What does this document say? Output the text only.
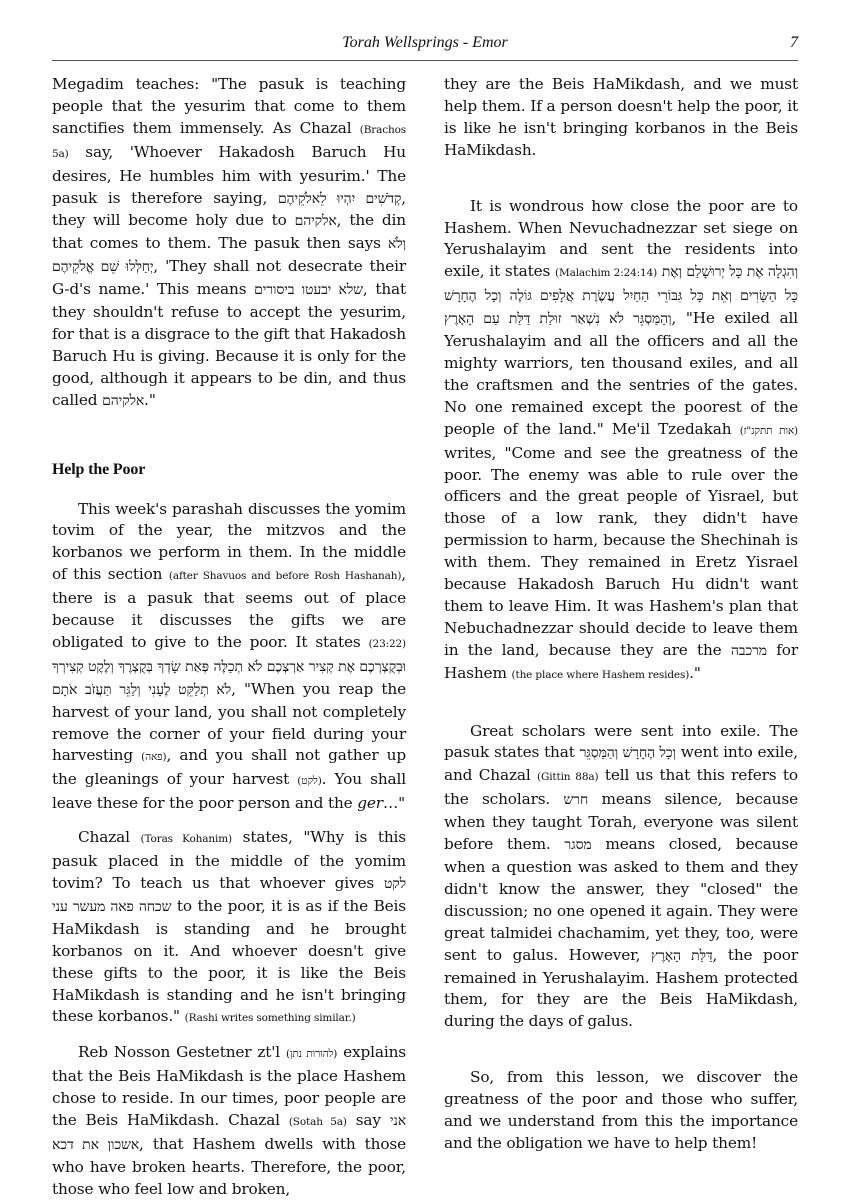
Torah Wellsprings - Emor	7

Megadim teaches: "The pasuk is teaching people that the yesurim that come to them sanctifies them immensely. As Chazal (Brachos 5a) say, 'Whoever Hakadosh Baruch Hu desires, He humbles him with yesurim.' The pasuk is therefore saying, קְדֹשִׁים יִהְיוּ לֵאלֹקֵיהֶם, they will become holy due to אלקיהם, the din that comes to them. The pasuk then says וְלֹא יְחַלְּלוּ שֵׁם אֱלֹקֵיהֶם, 'They shall not desecrate their G-d's name.' This means שלא יבעטו ביסורים, that they shouldn't refuse to accept the yesurim, for that is a disgrace to the gift that Hakadosh Baruch Hu is giving. Because it is only for the good, although it appears to be din, and thus called אלקיהם."

Help the Poor

This week's parashah discusses the yomim tovim of the year, the mitzvos and the korbanos we perform in them. In the middle of this section (after Shavuos and before Rosh Hashanah), there is a pasuk that seems out of place because it discusses the gifts we are obligated to give to the poor. It states (23:22) וּבְקֻצְרְכֶם אֶת קְצִיר אַרְצְכֶם לֹא תְכַלֶּה פְּאַת שָׂדְךָ בְּקֻצְרֶךָ וְלֶקֶט קְצִירְךָ לֹא תְלַקֵּט לֶעָנִי וְלַגֵּר תַּעֲזֹב אֹתָם, "When you reap the harvest of your land, you shall not completely remove the corner of your field during your harvesting (פאה), and you shall not gather up the gleanings of your harvest (לקט). You shall leave these for the poor person and the ger…"

Chazal (Toras Kohanim) states, "Why is this pasuk placed in the middle of the yomim tovim? To teach us that whoever gives לקט שכחה פאה מעשר עני to the poor, it is as if the Beis HaMikdash is standing and he brought korbanos on it. And whoever doesn't give these gifts to the poor, it is like the Beis HaMikdash is standing and he isn't bringing these korbanos." (Rashi writes something similar.)

Reb Nosson Gestetner zt'l (להורות נתן) explains that the Beis HaMikdash is the place Hashem chose to reside. In our times, poor people are the Beis HaMikdash. Chazal (Sotah 5a) say אני אשכון את דכא, that Hashem dwells with those who have broken hearts. Therefore, the poor, those who feel low and broken,

they are the Beis HaMikdash, and we must help them. If a person doesn't help the poor, it is like he isn't bringing korbanos in the Beis HaMikdash.

It is wondrous how close the poor are to Hashem. When Nevuchadnezzar set siege on Yerushalayim and sent the residents into exile, it states (Malachim 2:24:14) וְהִגְלָה אֶת כָּל יְרוּשָׁלַם וְאֶת כָּל הַשָּׂרִים וְאֵת כָּל גִּבּוֹרֵי הַחַיִל עֲשֶׂרֶת אֲלָפִים גּוֹלֶה וְכָל הֶחָרָשׁ וְהַמַּסְגֵּר לֹא נִשְׁאַר זוּלַת דַּלַּת עַם הָאָרֶץ, "He exiled all Yerushalayim and all the officers and all the mighty warriors, ten thousand exiles, and all the craftsmen and the sentries of the gates. No one remained except the poorest of the people of the land." Me'il Tzedakah (אות תתקנ"ז) writes, "Come and see the greatness of the poor. The enemy was able to rule over the officers and the great people of Yisrael, but those of a low rank, they didn't have permission to harm, because the Shechinah is with them. They remained in Eretz Yisrael because Hakadosh Baruch Hu didn't want them to leave Him. It was Hashem's plan that Nebuchadnezzar should decide to leave them in the land, because they are the מרכבה for Hashem (the place where Hashem resides)."

Great scholars were sent into exile. The pasuk states that וְכָל הֶחָרָשׁ וְהַמַּסְגֵּר went into exile, and Chazal (Gittin 88a) tell us that this refers to the scholars. חרש means silence, because when they taught Torah, everyone was silent before them. מסגר means closed, because when a question was asked to them and they didn't know the answer, they "closed" the discussion; no one opened it again. They were great talmidei chachamim, yet they, too, were sent to galus. However, דַּלַּת הָאָרֶץ, the poor remained in Yerushalayim. Hashem protected them, for they are the Beis HaMikdash, during the days of galus.

So, from this lesson, we discover the greatness of the poor and those who suffer, and we understand from this the importance and the obligation we have to help them!
